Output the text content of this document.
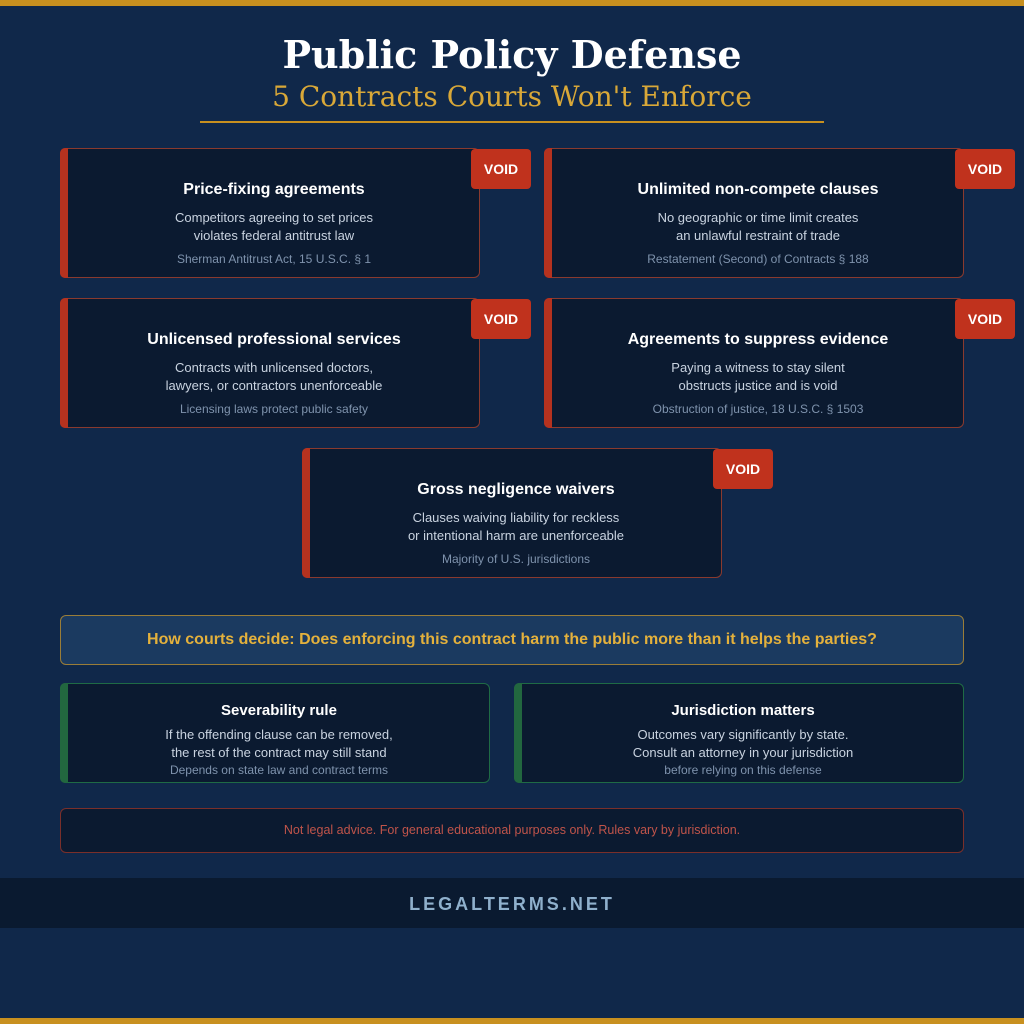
Public Policy Defense
5 Contracts Courts Won't Enforce
VOID
Price-fixing agreements
Competitors agreeing to set prices
violates federal antitrust law
Sherman Antitrust Act, 15 U.S.C. § 1
VOID
Unlimited non-compete clauses
No geographic or time limit creates
an unlawful restraint of trade
Restatement (Second) of Contracts § 188
VOID
Unlicensed professional services
Contracts with unlicensed doctors,
lawyers, or contractors unenforceable
Licensing laws protect public safety
VOID
Agreements to suppress evidence
Paying a witness to stay silent
obstructs justice and is void
Obstruction of justice, 18 U.S.C. § 1503
VOID
Gross negligence waivers
Clauses waiving liability for reckless
or intentional harm are unenforceable
Majority of U.S. jurisdictions
How courts decide: Does enforcing this contract harm the public more than it helps the parties?
Severability rule
If the offending clause can be removed,
the rest of the contract may still stand
Depends on state law and contract terms
Jurisdiction matters
Outcomes vary significantly by state.
Consult an attorney in your jurisdiction
before relying on this defense
Not legal advice. For general educational purposes only. Rules vary by jurisdiction.
LEGALTERMS.NET
